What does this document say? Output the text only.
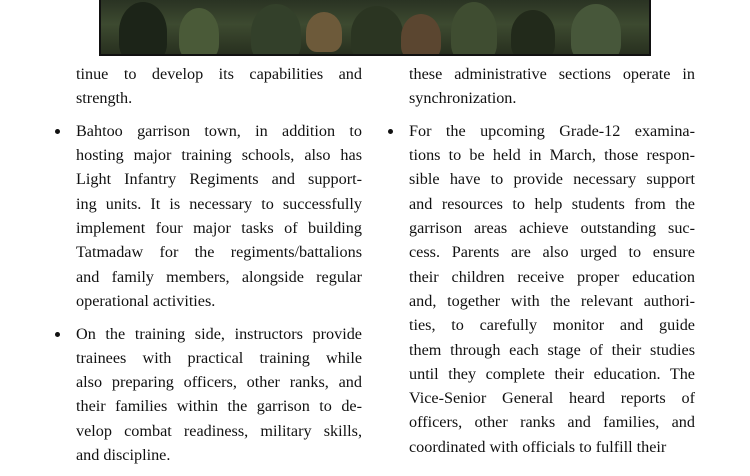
tinue to develop its capabilities and
strength.
Bahtoo garrison town, in addition to
hosting major training schools, also has
Light Infantry Regiments and support-
ing units. It is necessary to successfully
implement four major tasks of building
Tatmadaw for the regiments/battalions
and family members, alongside regular
operational activities.
On the training side, instructors provide
trainees with practical training while
also preparing officers, other ranks, and
their families within the garrison to de-
velop combat readiness, military skills,
and discipline.
these administrative sections operate in
synchronization.
For the upcoming Grade-12 examina-
tions to be held in March, those respon-
sible have to provide necessary support
and resources to help students from the
garrison areas achieve outstanding suc-
cess. Parents are also urged to ensure
their children receive proper education
and, together with the relevant authori-
ties, to carefully monitor and guide
them through each stage of their studies
until they complete their education. The
Vice-Senior General heard reports of
officers, other ranks and families, and
coordinated with officials to fulfill their
